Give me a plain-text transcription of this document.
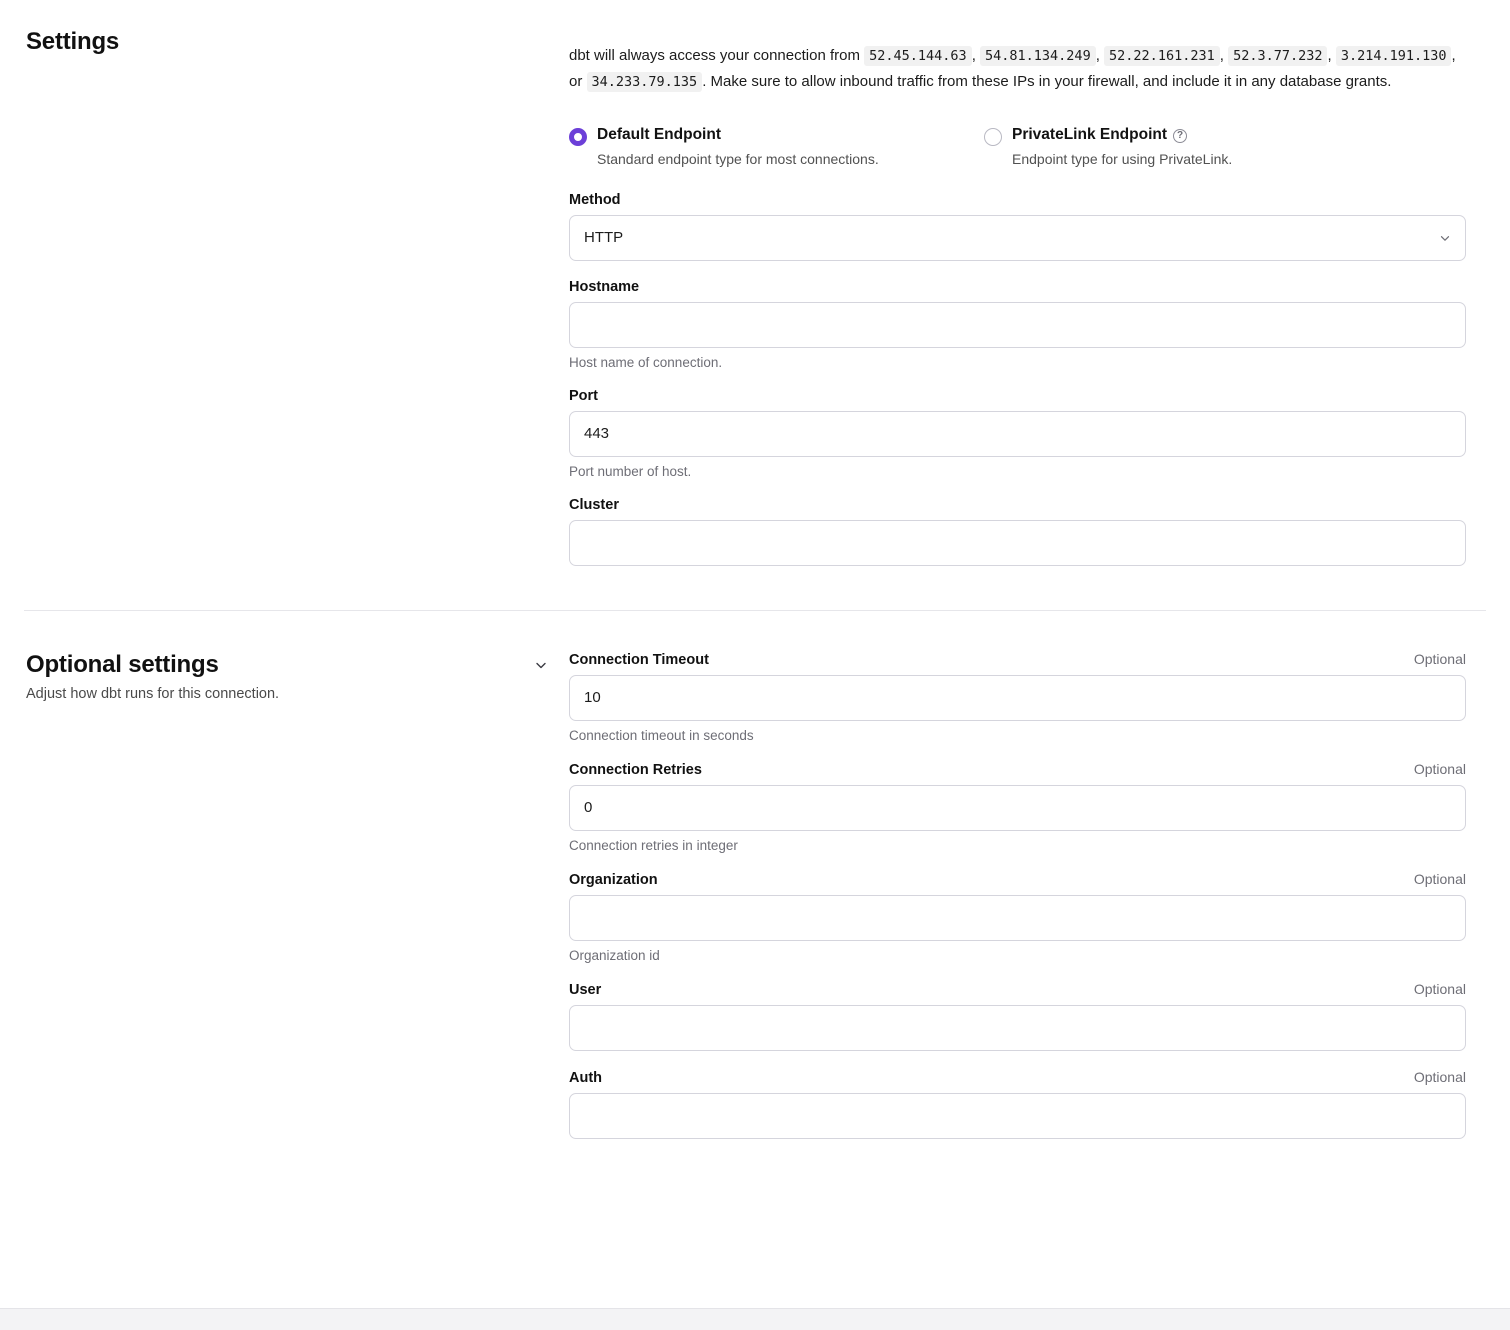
Settings

dbt will always access your connection from 52.45.144.63 , 54.81.134.249 , 52.22.161.231 , 52.3.77.232 , 3.214.191.130 , or 34.233.79.135 . Make sure to allow inbound traffic from these IPs in your firewall, and include it in any database grants.

Default Endpoint
Standard endpoint type for most connections.
PrivateLink Endpoint ?
Endpoint type for using PrivateLink.
Method
HTTP
Hostname
Host name of connection.
Port
443
Port number of host.
Cluster
Optional settings
Adjust how dbt runs for this connection.
Connection Timeout	Optional
10
Connection timeout in seconds
Connection Retries	Optional
0
Connection retries in integer
Organization	Optional
Organization id
User	Optional
Auth	Optional
